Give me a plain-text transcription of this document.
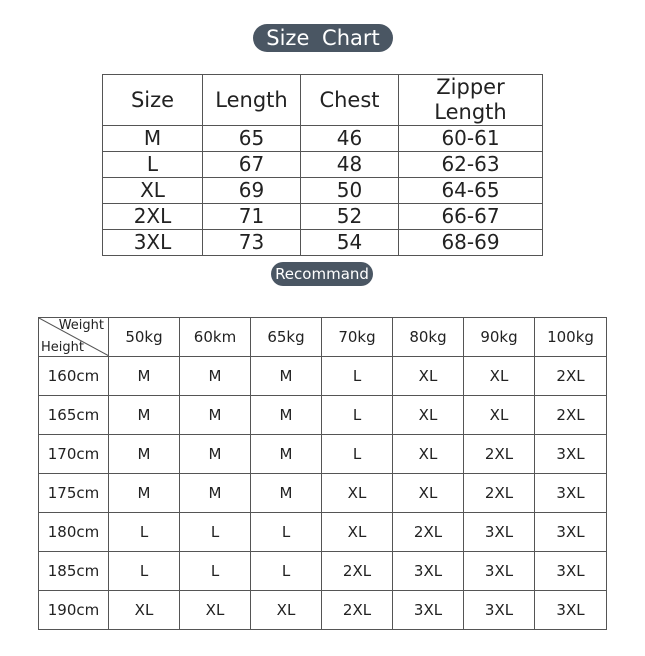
Size Chart
Size	Length	Chest	Zipper Length
M	65	46	60-61
L	67	48	62-63
XL	69	50	64-65
2XL	71	52	66-67
3XL	73	54	68-69
Recommand
Weight
Height	50kg	60km	65kg	70kg	80kg	90kg	100kg
160cm	M	M	M	L	XL	XL	2XL
165cm	M	M	M	L	XL	XL	2XL
170cm	M	M	M	L	XL	2XL	3XL
175cm	M	M	M	XL	XL	2XL	3XL
180cm	L	L	L	XL	2XL	3XL	3XL
185cm	L	L	L	2XL	3XL	3XL	3XL
190cm	XL	XL	XL	2XL	3XL	3XL	3XL
